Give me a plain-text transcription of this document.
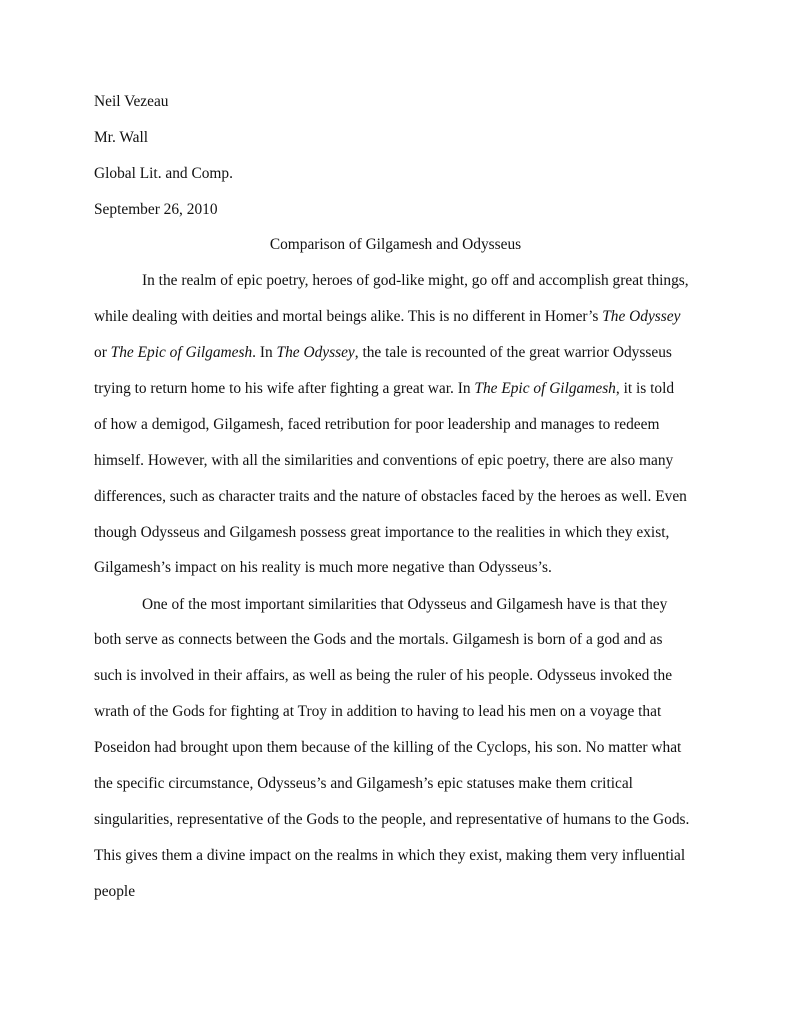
Neil Vezeau
Mr. Wall
Global Lit. and Comp.
September 26, 2010
Comparison of Gilgamesh and Odysseus
In the realm of epic poetry, heroes of god-like might, go off and accomplish great things,
while dealing with deities and mortal beings alike. This is no different in Homer’s The Odyssey
or The Epic of Gilgamesh. In The Odyssey, the tale is recounted of the great warrior Odysseus
trying to return home to his wife after fighting a great war. In The Epic of Gilgamesh, it is told
of how a demigod, Gilgamesh, faced retribution for poor leadership and manages to redeem
himself. However, with all the similarities and conventions of epic poetry, there are also many
differences, such as character traits and the nature of obstacles faced by the heroes as well. Even
though Odysseus and Gilgamesh possess great importance to the realities in which they exist,
Gilgamesh’s impact on his reality is much more negative than Odysseus’s.
One of the most important similarities that Odysseus and Gilgamesh have is that they
both serve as connects between the Gods and the mortals. Gilgamesh is born of a god and as
such is involved in their affairs, as well as being the ruler of his people. Odysseus invoked the
wrath of the Gods for fighting at Troy in addition to having to lead his men on a voyage that
Poseidon had brought upon them because of the killing of the Cyclops, his son. No matter what
the specific circumstance, Odysseus’s and Gilgamesh’s epic statuses make them critical
singularities, representative of the Gods to the people, and representative of humans to the Gods.
This gives them a divine impact on the realms in which they exist, making them very influential
people
